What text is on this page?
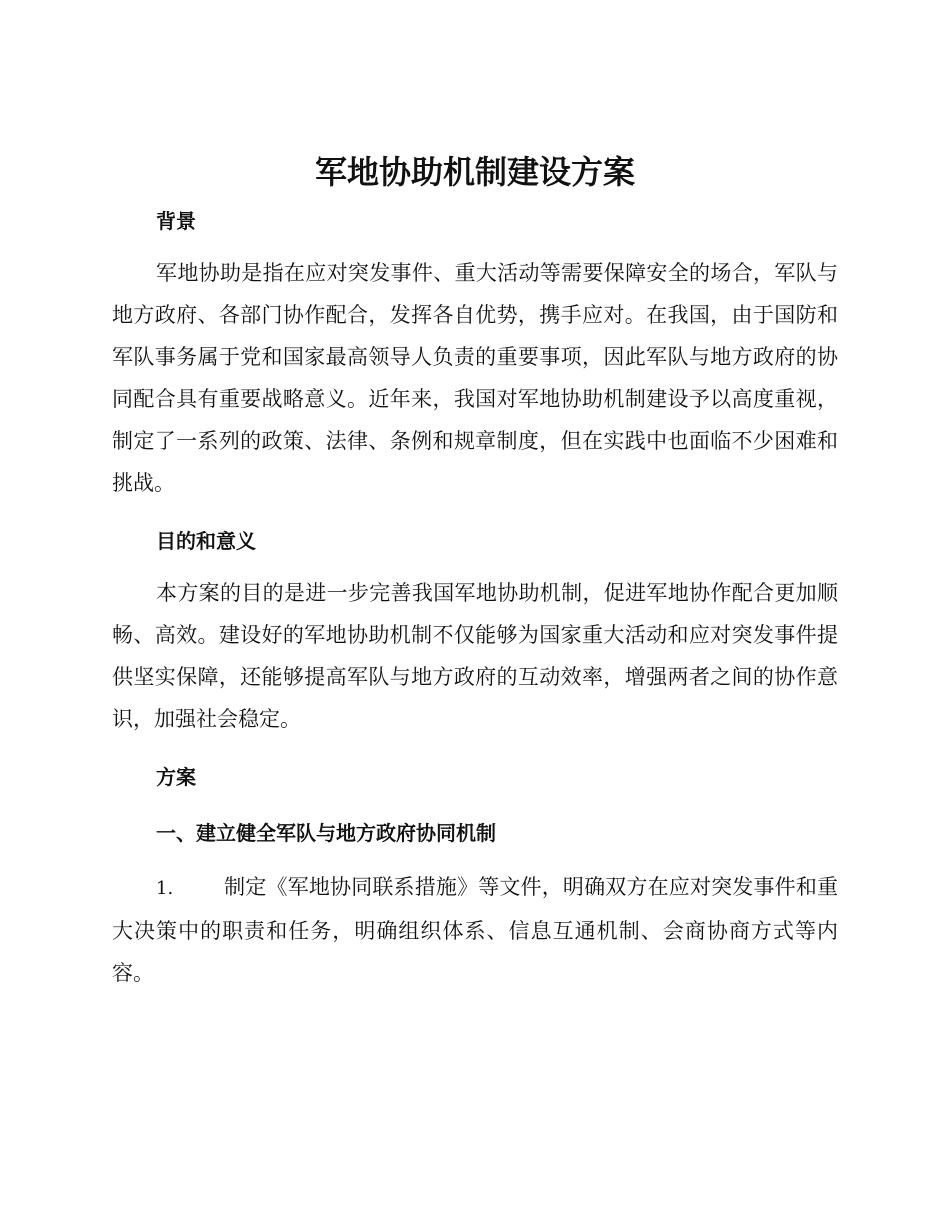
军地协助机制建设方案
背景

军地协助是指在应对突发事件、重大活动等需要保障安全的场合，军队与地方政府、各部门协作配合，发挥各自优势，携手应对。在我国，由于国防和军队事务属于党和国家最高领导人负责的重要事项，因此军队与地方政府的协同配合具有重要战略意义。近年来，我国对军地协助机制建设予以高度重视，制定了一系列的政策、法律、条例和规章制度，但在实践中也面临不少困难和挑战。

目的和意义

本方案的目的是进一步完善我国军地协助机制，促进军地协作配合更加顺畅、高效。建设好的军地协助机制不仅能够为国家重大活动和应对突发事件提供坚实保障，还能够提高军队与地方政府的互动效率，增强两者之间的协作意识，加强社会稳定。

方案
一、建立健全军队与地方政府协同机制

1. 制定《军地协同联系措施》等文件，明确双方在应对突发事件和重大决策中的职责和任务，明确组织体系、信息互通机制、会商协商方式等内容。
